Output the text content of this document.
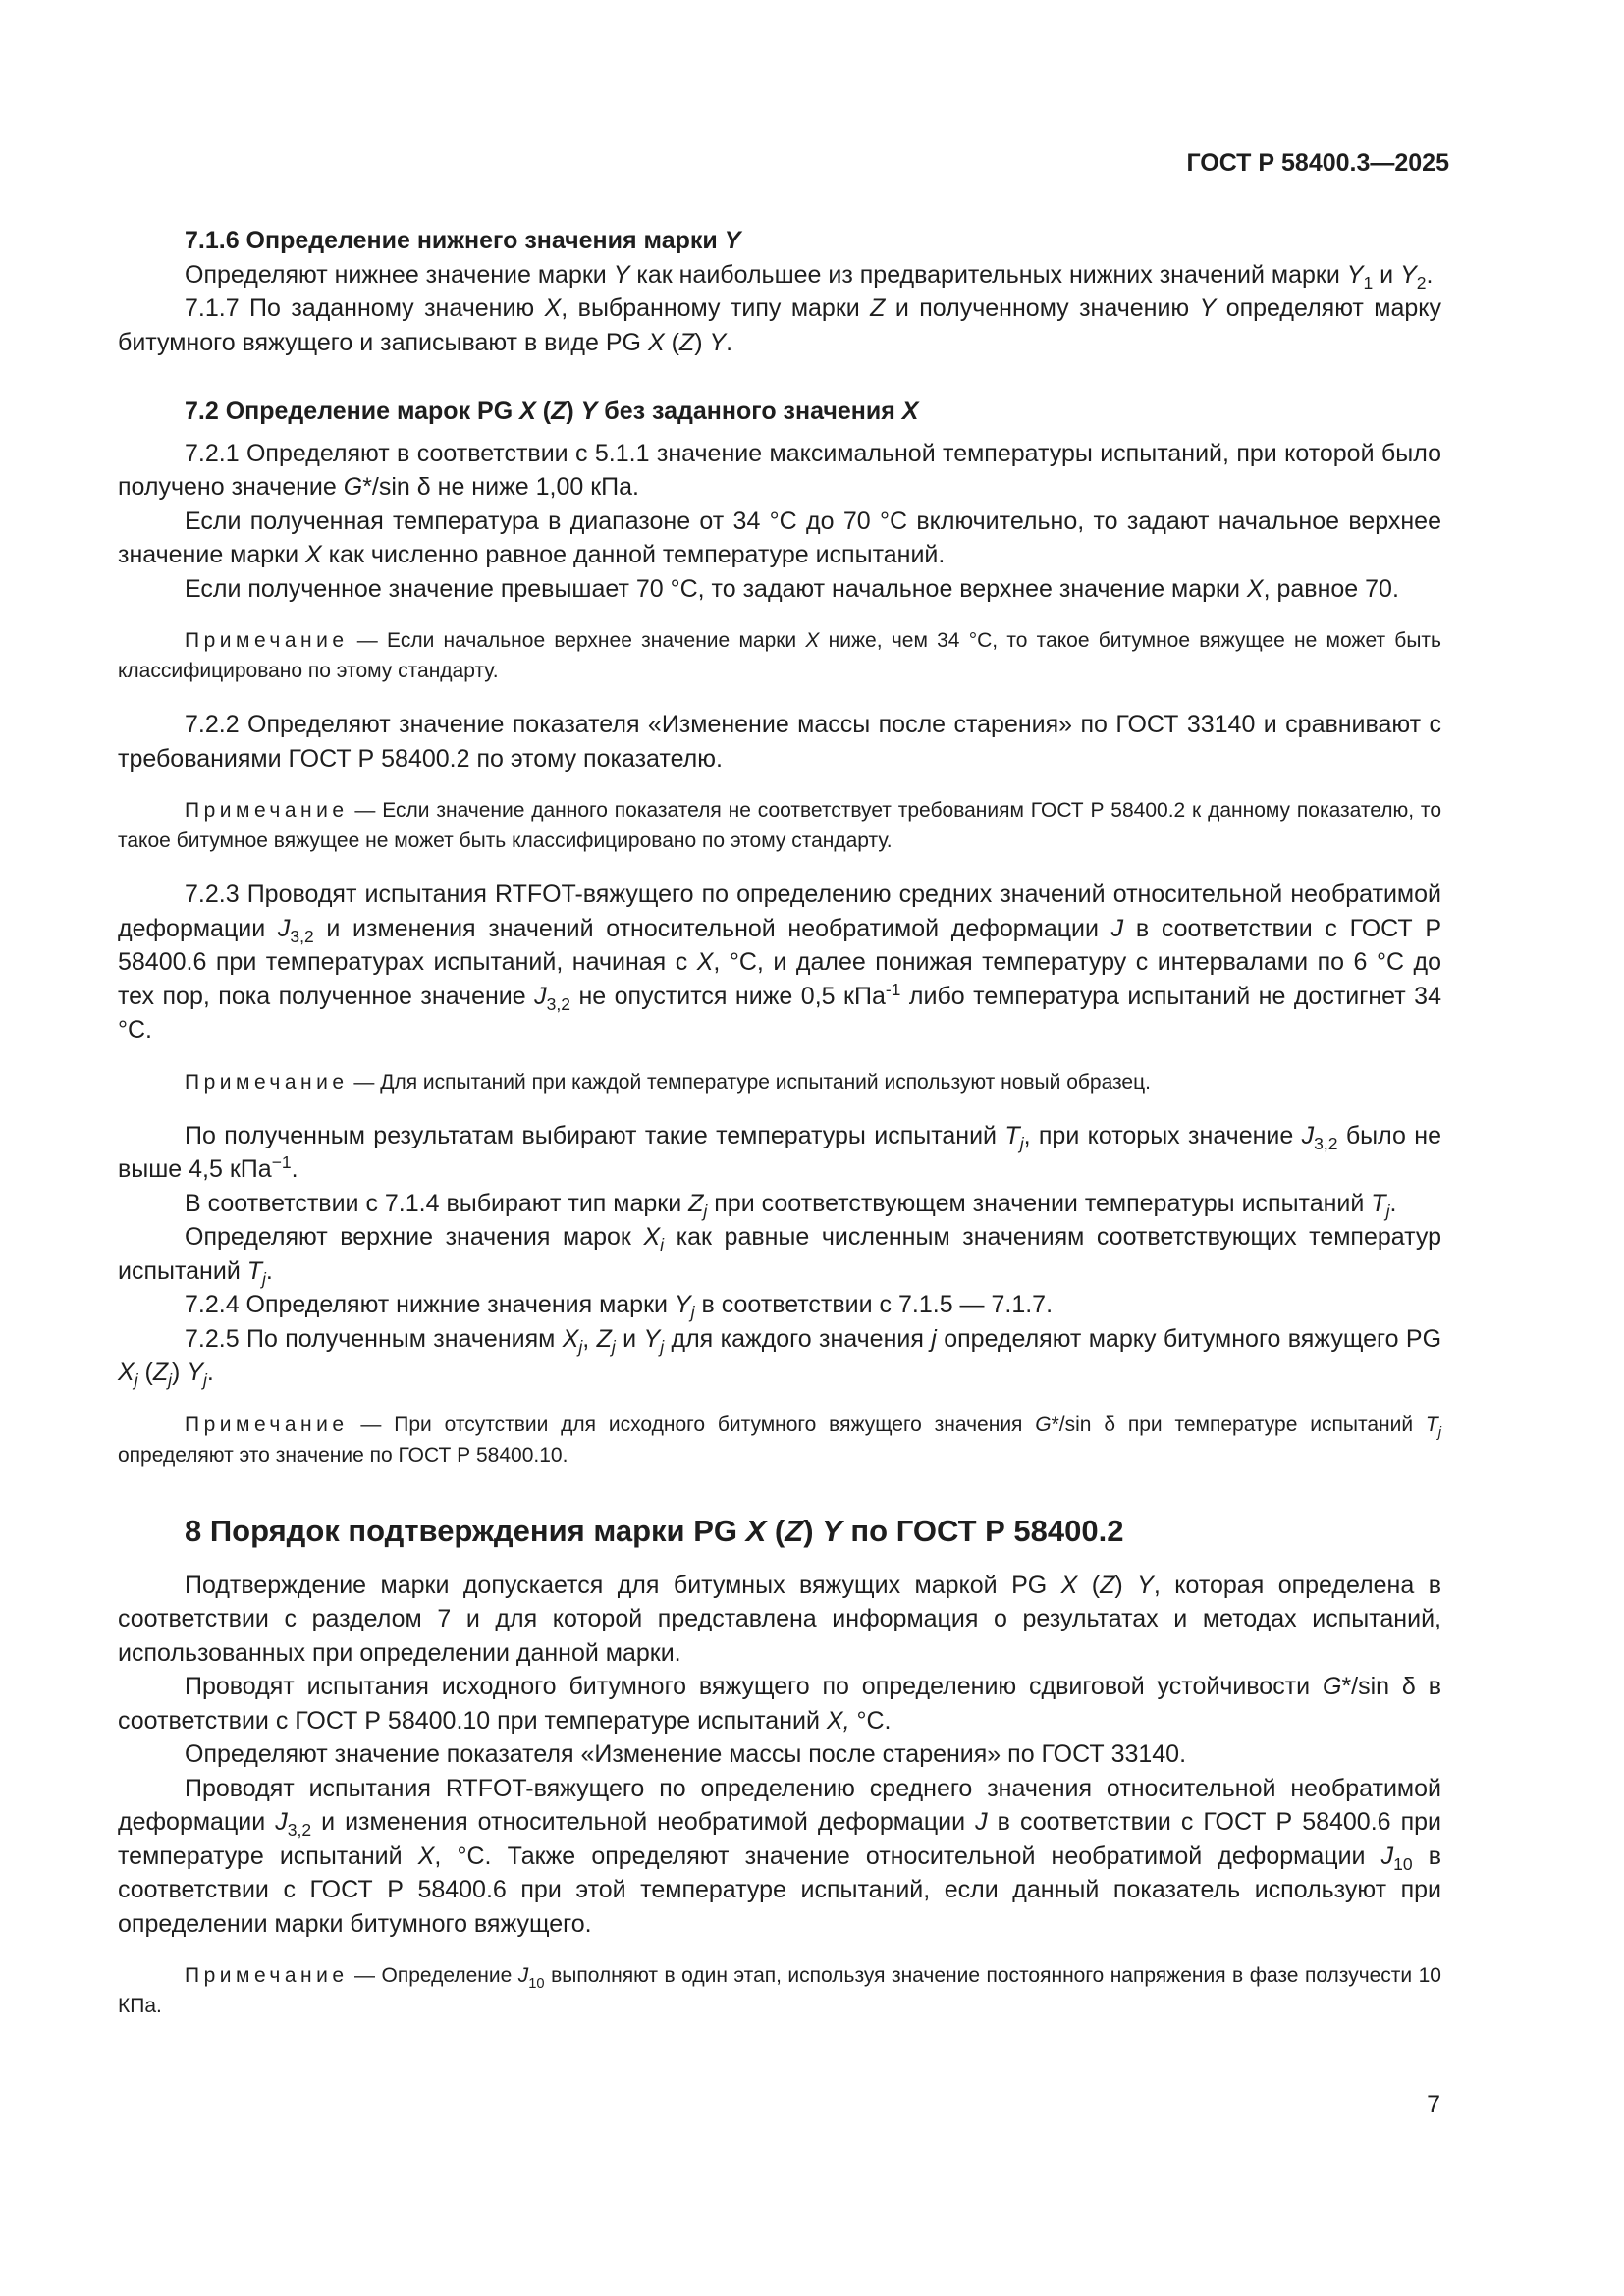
ГОСТ Р 58400.3—2025

7.1.6 Определение нижнего значения марки Y

Определяют нижнее значение марки Y как наибольшее из предварительных нижних значений марки $Y_1$ и $Y_2$.

7.1.7 По заданному значению X, выбранному типу марки Z и полученному значению Y определяют марку битумного вяжущего и записывают в виде PG X (Z) Y.

7.2 Определение марок PG X (Z) Y без заданного значения X

7.2.1 Определяют в соответствии с 5.1.1 значение максимальной температуры испытаний, при которой было получено значение G*/sin δ не ниже 1,00 кПа.

Если полученная температура в диапазоне от 34 °С до 70 °С включительно, то задают начальное верхнее значение марки X как численно равное данной температуре испытаний.

Если полученное значение превышает 70 °С, то задают начальное верхнее значение марки X, равное 70.

Примечание — Если начальное верхнее значение марки X ниже, чем 34 °С, то такое битумное вяжущее не может быть классифицировано по этому стандарту.

7.2.2 Определяют значение показателя «Изменение массы после старения» по ГОСТ 33140 и сравнивают с требованиями ГОСТ Р 58400.2 по этому показателю.

Примечание — Если значение данного показателя не соответствует требованиям ГОСТ Р 58400.2 к данному показателю, то такое битумное вяжущее не может быть классифицировано по этому стандарту.

7.2.3 Проводят испытания RTFOT-вяжущего по определению средних значений относительной необратимой деформации $J_{3,2}$ и изменения значений относительной необратимой деформации J в соответствии с ГОСТ Р 58400.6 при температурах испытаний, начиная с X, °С, и далее понижая температуру с интервалами по 6 °С до тех пор, пока полученное значение $J_{3,2}$ не опустится ниже 0,5 кПа$^{-1}$ либо температура испытаний не достигнет 34 °С.

Примечание — Для испытаний при каждой температуре испытаний используют новый образец.

По полученным результатам выбирают такие температуры испытаний $T_j$, при которых значение $J_{3,2}$ было не выше 4,5 кПа$^{-1}$.

В соответствии с 7.1.4 выбирают тип марки $Z_j$ при соответствующем значении температуры испытаний $T_j$.

Определяют верхние значения марок $X_i$ как равные численным значениям соответствующих температур испытаний $T_j$.

7.2.4 Определяют нижние значения марки $Y_j$ в соответствии с 7.1.5 — 7.1.7.

7.2.5 По полученным значениям $X_j$, $Z_j$ и $Y_j$ для каждого значения j определяют марку битумного вяжущего PG $X_j$ $(Z_j)$ $Y_j$.

Примечание — При отсутствии для исходного битумного вяжущего значения G*/sin δ при температуре испытаний $T_j$ определяют это значение по ГОСТ Р 58400.10.

8 Порядок подтверждения марки PG X (Z) Y по ГОСТ Р 58400.2

Подтверждение марки допускается для битумных вяжущих маркой PG X (Z) Y, которая определена в соответствии с разделом 7 и для которой представлена информация о результатах и методах испытаний, использованных при определении данной марки.

Проводят испытания исходного битумного вяжущего по определению сдвиговой устойчивости G*/sin δ в соответствии с ГОСТ Р 58400.10 при температуре испытаний X, °С.

Определяют значение показателя «Изменение массы после старения» по ГОСТ 33140.

Проводят испытания RTFOT-вяжущего по определению среднего значения относительной необратимой деформации $J_{3,2}$ и изменения относительной необратимой деформации J в соответствии с ГОСТ Р 58400.6 при температуре испытаний X, °С. Также определяют значение относительной необратимой деформации $J_{10}$ в соответствии с ГОСТ Р 58400.6 при этой температуре испытаний, если данный показатель используют при определении марки битумного вяжущего.

Примечание — Определение $J_{10}$ выполняют в один этап, используя значение постоянного напряжения в фазе ползучести 10 КПа.

7
